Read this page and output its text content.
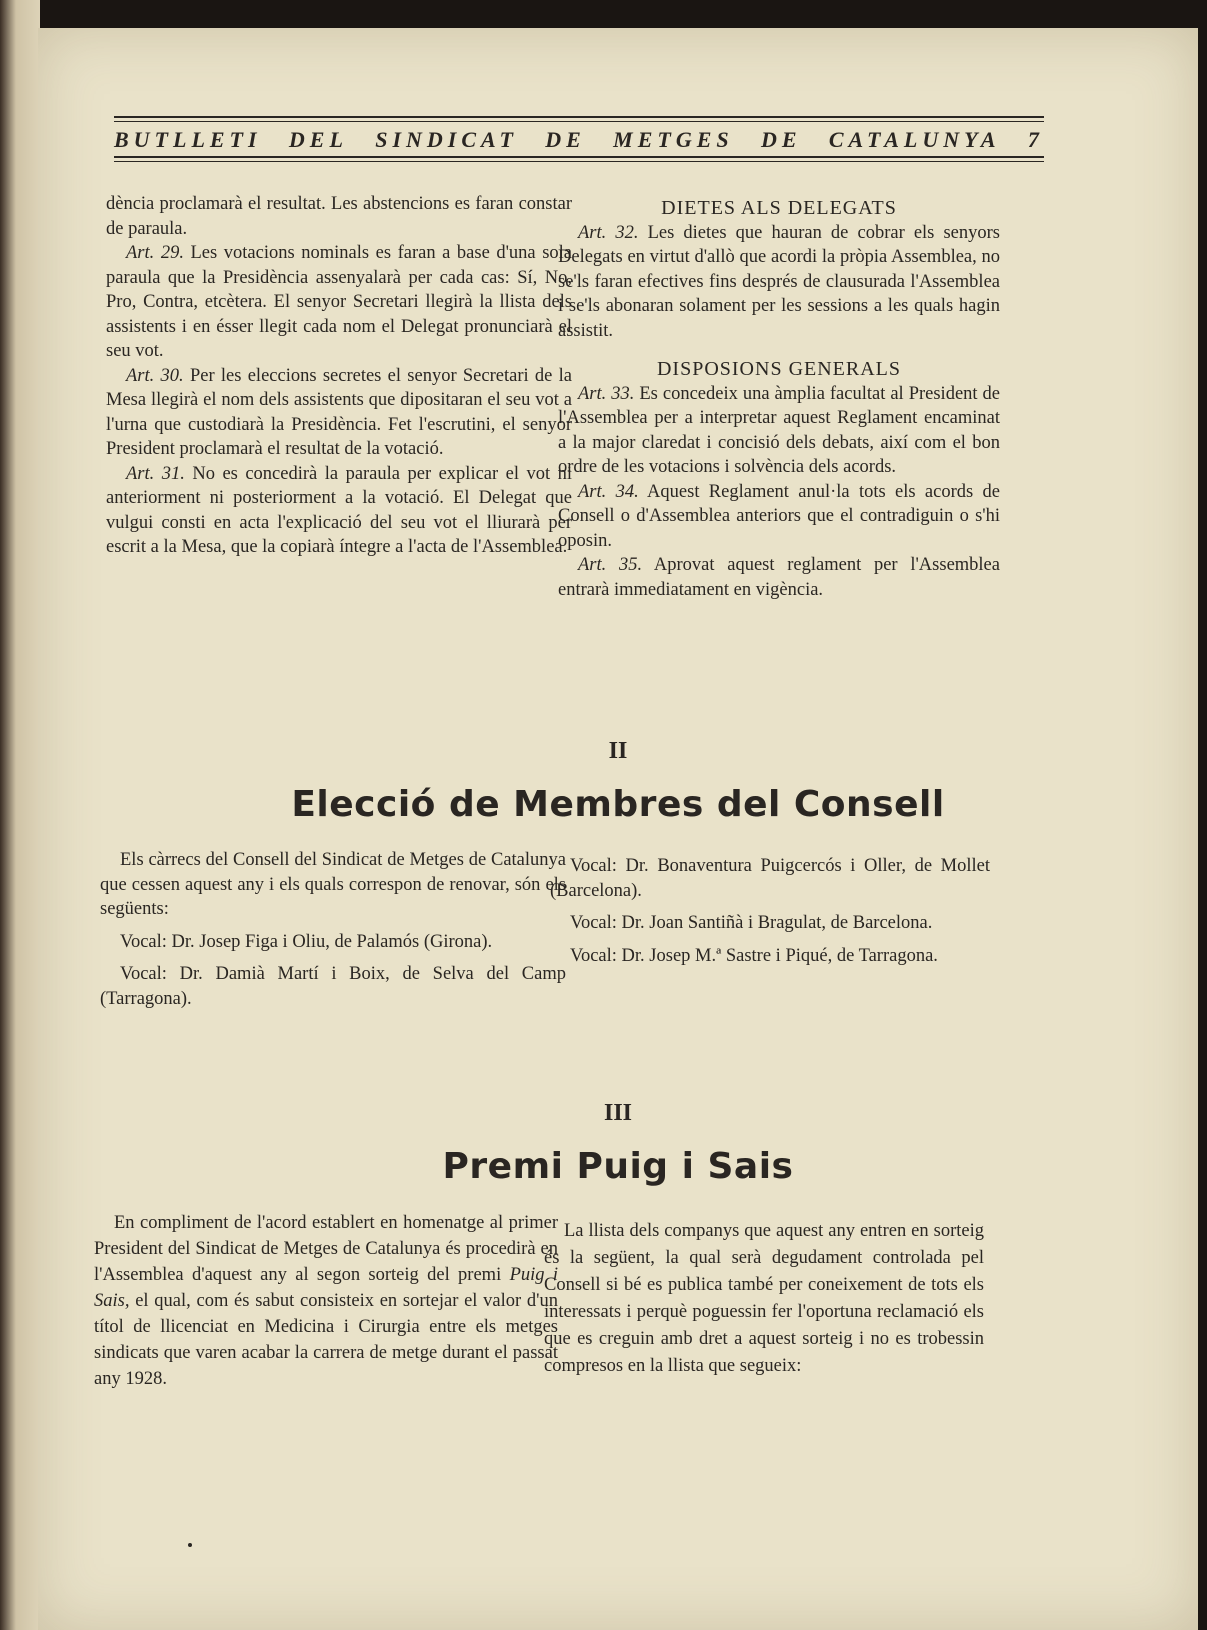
BUTLLETI DEL SINDICAT DE METGES DE CATALUNYA 7

dència proclamarà el resultat. Les abstencions es faran constar de paraula.

Art. 29. Les votacions nominals es faran a base d'una sola paraula que la Presidència assenyalarà per cada cas: Sí, No, Pro, Contra, etcètera. El senyor Secretari llegirà la llista dels assistents i en ésser llegit cada nom el Delegat pronunciarà el seu vot.

Art. 30. Per les eleccions secretes el senyor Secretari de la Mesa llegirà el nom dels assistents que dipositaran el seu vot a l'urna que custodiarà la Presidència. Fet l'escrutini, el senyor President proclamarà el resultat de la votació.

Art. 31. No es concedirà la paraula per explicar el vot ni anteriorment ni posteriorment a la votació. El Delegat que vulgui consti en acta l'explicació del seu vot el lliurarà per escrit a la Mesa, que la copiarà íntegre a l'acta de l'Assemblea.

DIETES ALS DELEGATS

Art. 32. Les dietes que hauran de cobrar els senyors Delegats en virtut d'allò que acordi la pròpia Assemblea, no se'ls faran efectives fins després de clausurada l'Assemblea i se'ls abonaran solament per les sessions a les quals hagin assistit.

DISPOSIONS GENERALS

Art. 33. Es concedeix una àmplia facultat al President de l'Assemblea per a interpretar aquest Reglament encaminat a la major claredat i concisió dels debats, així com el bon ordre de les votacions i solvència dels acords.

Art. 34. Aquest Reglament anul·la tots els acords de Consell o d'Assemblea anteriors que el contradiguin o s'hi oposin.

Art. 35. Aprovat aquest reglament per l'Assemblea entrarà immediatament en vigència.

II
Elecció de Membres del Consell

Els càrrecs del Consell del Sindicat de Metges de Catalunya que cessen aquest any i els quals correspon de renovar, són els següents:

Vocal: Dr. Josep Figa i Oliu, de Palamós (Girona).

Vocal: Dr. Damià Martí i Boix, de Selva del Camp (Tarragona).

Vocal: Dr. Bonaventura Puigcercós i Oller, de Mollet (Barcelona).

Vocal: Dr. Joan Santiñà i Bragulat, de Barcelona.

Vocal: Dr. Josep M.ª Sastre i Piqué, de Tarragona.

III
Premi Puig i Sais

En compliment de l'acord establert en homenatge al primer President del Sindicat de Metges de Catalunya és procedirà en l'Assemblea d'aquest any al segon sorteig del premi Puig i Sais, el qual, com és sabut consisteix en sortejar el valor d'un títol de llicenciat en Medicina i Cirurgia entre els metges sindicats que varen acabar la carrera de metge durant el passat any 1928.

La llista dels companys que aquest any entren en sorteig és la següent, la qual serà degudament controlada pel Consell si bé es publica també per coneixement de tots els interessats i perquè poguessin fer l'oportuna reclamació els que es creguin amb dret a aquest sorteig i no es trobessin compresos en la llista que segueix:
